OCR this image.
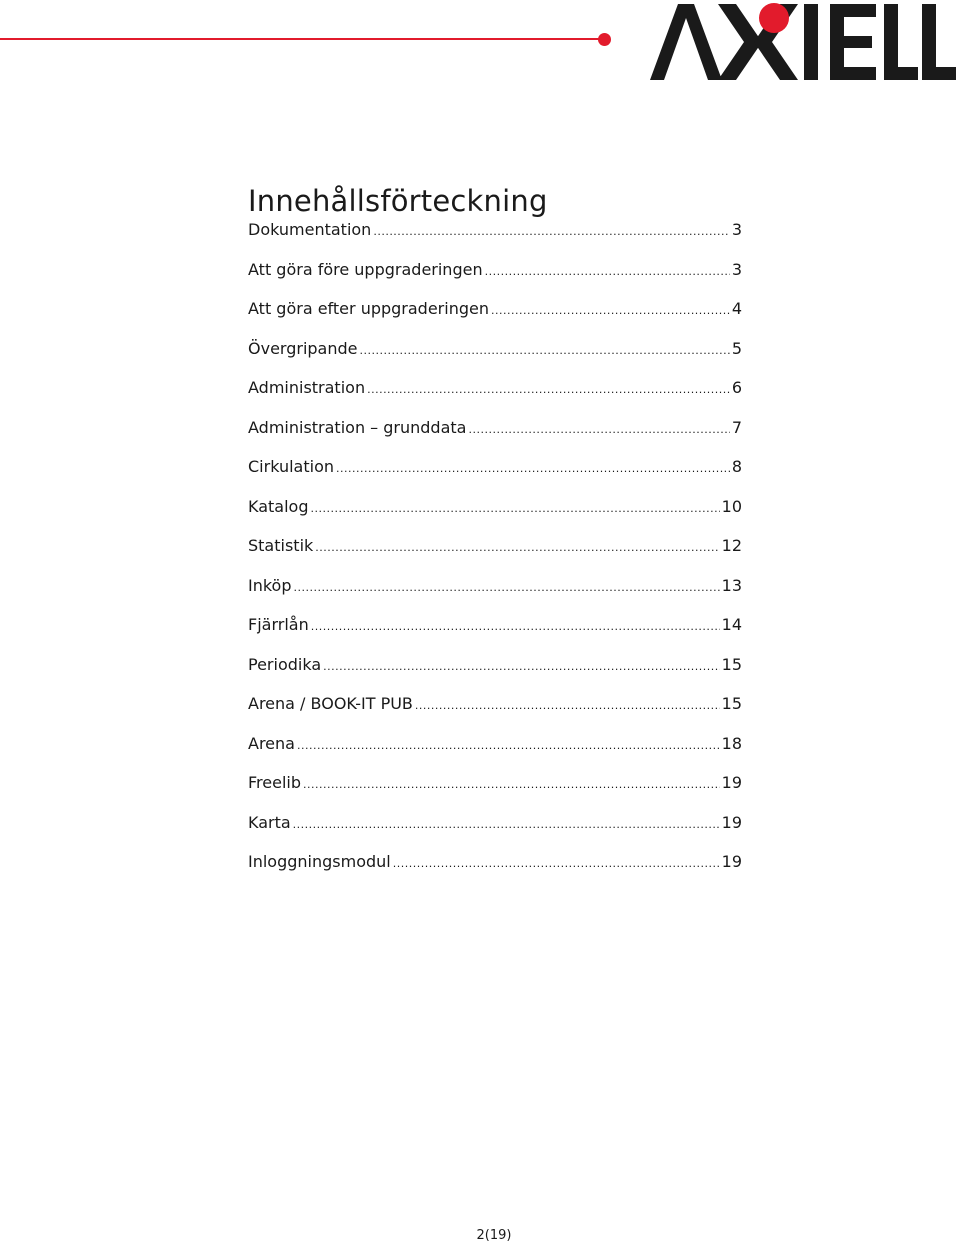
Innehållsförteckning
Dokumentation .....	3
Att göra före uppgraderingen .....	3
Att göra efter uppgraderingen .....	4
Övergripande .....	5
Administration .....	6
Administration – grunddata .....	7
Cirkulation .....	8
Katalog .....	10
Statistik .....	12
Inköp .....	13
Fjärrlån .....	14
Periodika .....	15
Arena / BOOK-IT PUB .....	15
Arena .....	18
Freelib .....	19
Karta .....	19
Inloggningsmodul .....	19
2(19)
